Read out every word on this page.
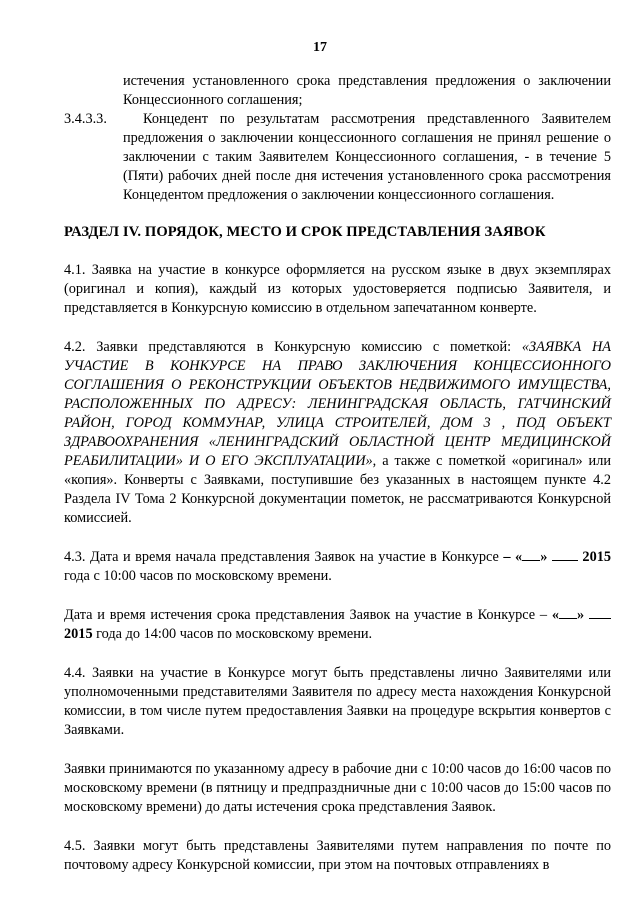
17

истечения установленного срока представления предложения о заключении Концессионного соглашения;

3.4.3.3.	Концедент по результатам рассмотрения представленного Заявителем предложения о заключении концессионного соглашения не принял решение о заключении с таким Заявителем Концессионного соглашения, - в течение 5 (Пяти) рабочих дней после дня истечения установленного срока рассмотрения Концедентом предложения о заключении концессионного соглашения.
РАЗДЕЛ IV. ПОРЯДОК, МЕСТО И СРОК ПРЕДСТАВЛЕНИЯ ЗАЯВОК

4.1. Заявка на участие в конкурсе оформляется на русском языке в двух экземплярах (оригинал и копия), каждый из которых удостоверяется подписью Заявителя, и представляется в Конкурсную комиссию в отдельном запечатанном конверте.

4.2. Заявки представляются в Конкурсную комиссию с пометкой: «ЗАЯВКА НА УЧАСТИЕ В КОНКУРСЕ НА ПРАВО ЗАКЛЮЧЕНИЯ КОНЦЕССИОННОГО СОГЛАШЕНИЯ О РЕКОНСТРУКЦИИ ОБЪЕКТОВ НЕДВИЖИМОГО ИМУЩЕСТВА, РАСПОЛОЖЕННЫХ ПО АДРЕСУ: ЛЕНИНГРАДСКАЯ ОБЛАСТЬ, ГАТЧИНСКИЙ РАЙОН, ГОРОД КОММУНАР, УЛИЦА СТРОИТЕЛЕЙ, ДОМ 3 , ПОД ОБЪЕКТ ЗДРАВООХРАНЕНИЯ «ЛЕНИНГРАДСКИЙ ОБЛАСТНОЙ ЦЕНТР МЕДИЦИНСКОЙ РЕАБИЛИТАЦИИ» И О ЕГО ЭКСПЛУАТАЦИИ», а также с пометкой «оригинал» или «копия». Конверты с Заявками, поступившие без указанных в настоящем пункте 4.2 Раздела IV Тома 2 Конкурсной документации пометок, не рассматриваются Конкурсной комиссией.

4.3. Дата и время начала представления Заявок на участие в Конкурсе – « »  2015 года с 10:00 часов по московскому времени.

Дата и время истечения срока представления Заявок на участие в Конкурсе – « »  2015 года до 14:00 часов по московскому времени.

4.4. Заявки на участие в Конкурсе могут быть представлены лично Заявителями или уполномоченными представителями Заявителя по адресу места нахождения Конкурсной комиссии, в том числе путем предоставления Заявки на процедуре вскрытия конвертов с Заявками.

Заявки принимаются по указанному адресу в рабочие дни с 10:00 часов до 16:00 часов по московскому времени (в пятницу и предпраздничные дни с 10:00 часов до 15:00 часов по московскому времени) до даты истечения срока представления Заявок.

4.5. Заявки могут быть представлены Заявителями путем направления по почте по почтовому адресу Конкурсной комиссии, при этом на почтовых отправлениях в
